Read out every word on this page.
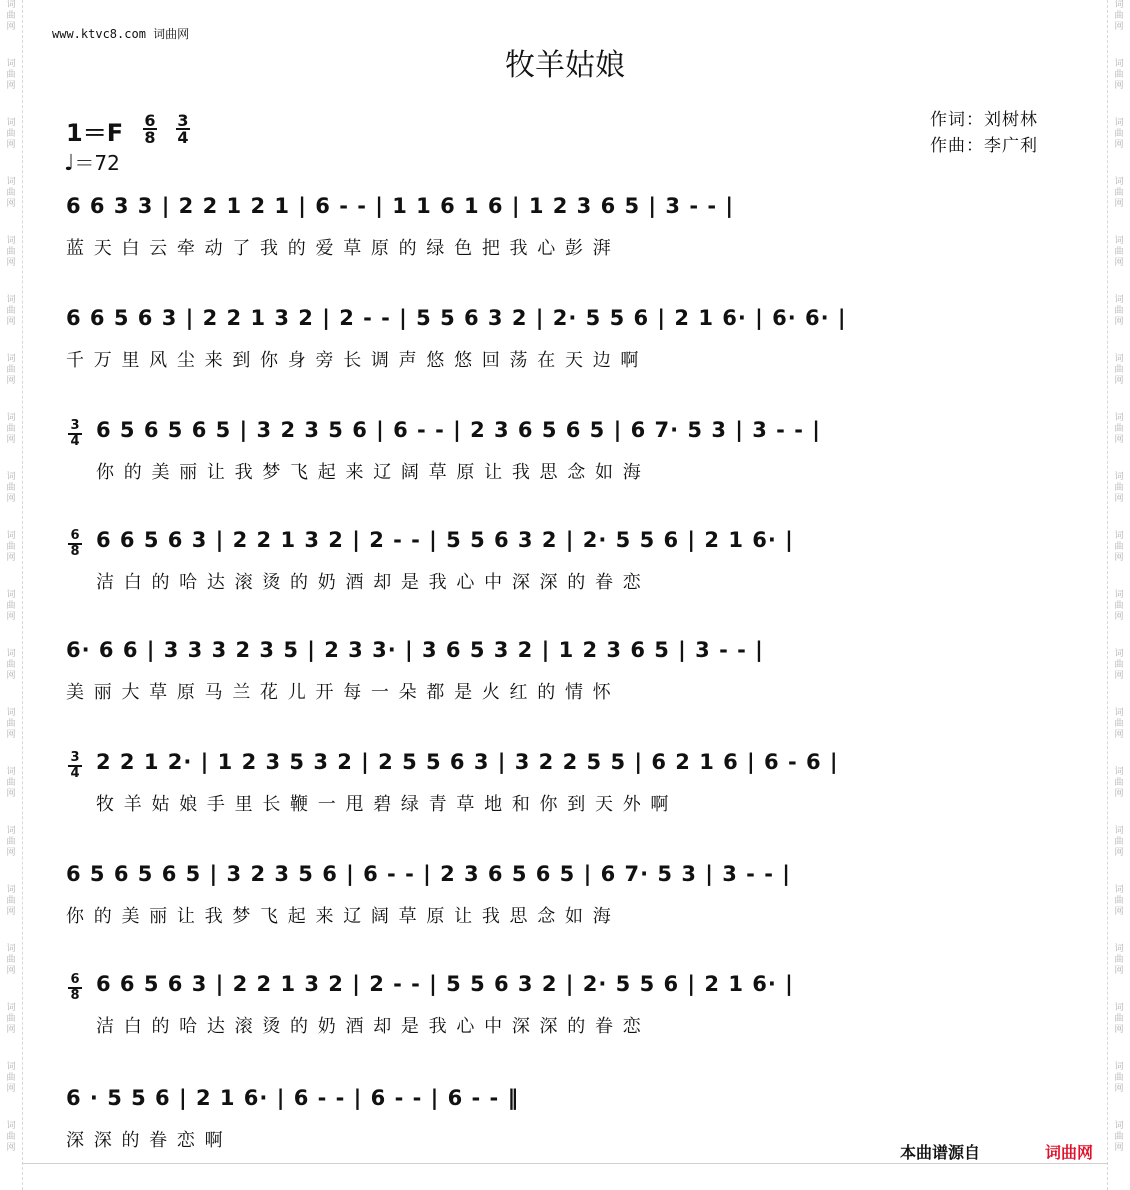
词
曲
网
词
曲
网
词
曲
网
词
曲
网
词
曲
网
词
曲
网
词
曲
网
词
曲
网
词
曲
网
词
曲
网
词
曲
网
词
曲
网
词
曲
网
词
曲
网
词
曲
网
词
曲
网
词
曲
网
词
曲
网
词
曲
网
词
曲
网
词
曲
网
词
曲
网
词
曲
网
词
曲
网
词
曲
网
词
曲
网
词
曲
网
词
曲
网
词
曲
网
词
曲
网
词
曲
网
词
曲
网
词
曲
网
词
曲
网
词
曲
网
词
曲
网
词
曲
网
词
曲
网
词
曲
网
词
曲
网
www.ktvc8.com 词曲网
牧羊姑娘
$1=F \frac{6}{8} \frac{3}{4}$
♩＝72
作词：刘树林
作曲：李广利
6 6 3 3 | 2 2 1 2 1 | 6 - - | 1 1 6 1 6 | 1 2 3 6 5 | 3 - - |
蓝 天 白 云 牵 动 了 我 的 爱 草 原 的 绿 色 把 我 心 彭 湃
6 6 5 6 3 | 2 2 1 3 2 | 2 - - | 5 5 6 3 2 | 2· 5 5 6 | 2 1 6· | 6· 6· |
千 万 里 风 尘 来 到 你 身 旁 长 调 声 悠 悠 回 荡 在 天 边 啊
$\frac{3}{4} 6$ 5 6 5 6 5 | 3 2 3 5 6 | 6 - - | 2 3 6 5 6 5 | 6 7· 5 3 | 3 - - |
你 的 美 丽 让 我 梦 飞 起 来 辽 阔 草 原 让 我 思 念 如 海
$\frac{6}{8} 6$ 6 5 6 3 | 2 2 1 3 2 | 2 - - | 5 5 6 3 2 | 2· 5 5 6 | 2 1 6· |
洁 白 的 哈 达 滚 烫 的 奶 酒 却 是 我 心 中 深 深 的 眷 恋
6· 6 6 | 3 3 3 2 3 5 | 2 3 3· | 3 6 5 3 2 | 1 2 3 6 5 | 3 - - |
美 丽 大 草 原 马 兰 花 儿 开 每 一 朵 都 是 火 红 的 情 怀
$\frac{3}{4} 2$ 2 1 2· | 1 2 3 5 3 2 | 2 5 5 6 3 | 3 2 2 5 5 | 6 2 1 6 | 6 - 6 |
牧 羊 姑 娘 手 里 长 鞭 一 甩 碧 绿 青 草 地 和 你 到 天 外 啊
6 5 6 5 6 5 | 3 2 3 5 6 | 6 - - | 2 3 6 5 6 5 | 6 7· 5 3 | 3 - - |
你 的 美 丽 让 我 梦 飞 起 来 辽 阔 草 原 让 我 思 念 如 海
$\frac{6}{8} 6$ 6 5 6 3 | 2 2 1 3 2 | 2 - - | 5 5 6 3 2 | 2· 5 5 6 | 2 1 6· |
洁 白 的 哈 达 滚 烫 的 奶 酒 却 是 我 心 中 深 深 的 眷 恋
6 · 5 5 6 | 2 1 6· | 6 - - | 6 - - | 6 - - ‖
深 深 的 眷 恋 啊
本曲谱源自	词曲网
